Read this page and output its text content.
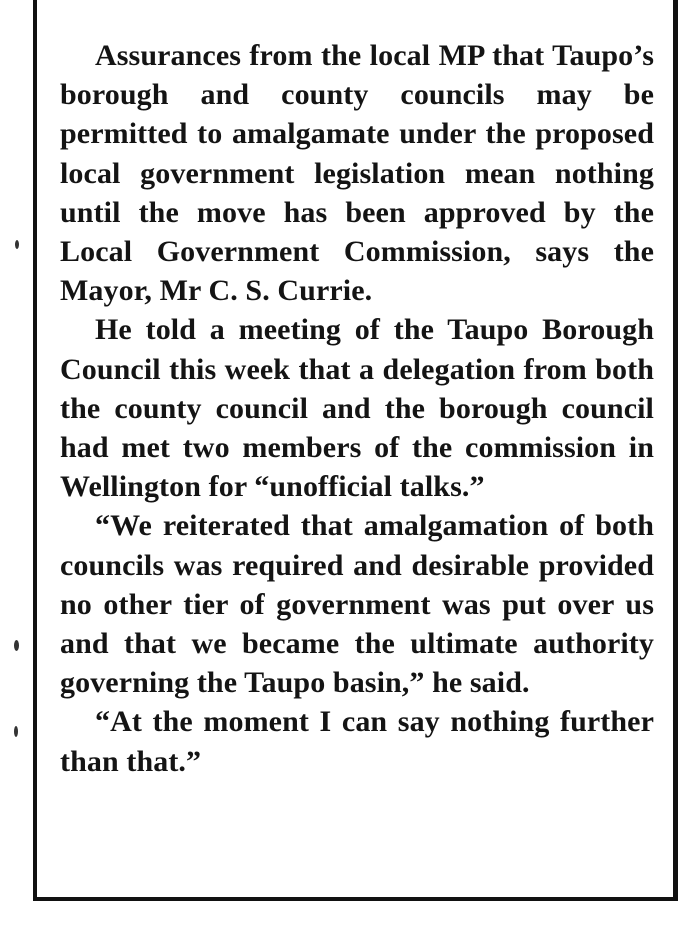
Assurances from the local MP that Taupo’s borough and county councils may be permitted to amalgamate under the proposed local government legislation mean nothing until the move has been approved by the Local Government Commission, says the Mayor, Mr C. S. Currie.

He told a meeting of the Taupo Borough Council this week that a delegation from both the county council and the borough council had met two members of the commission in Wellington for “unofficial talks.”

“We reiterated that amalgamation of both councils was required and desirable provided no other tier of government was put over us and that we became the ultimate authority governing the Taupo basin,” he said.

“At the moment I can say nothing further than that.”
